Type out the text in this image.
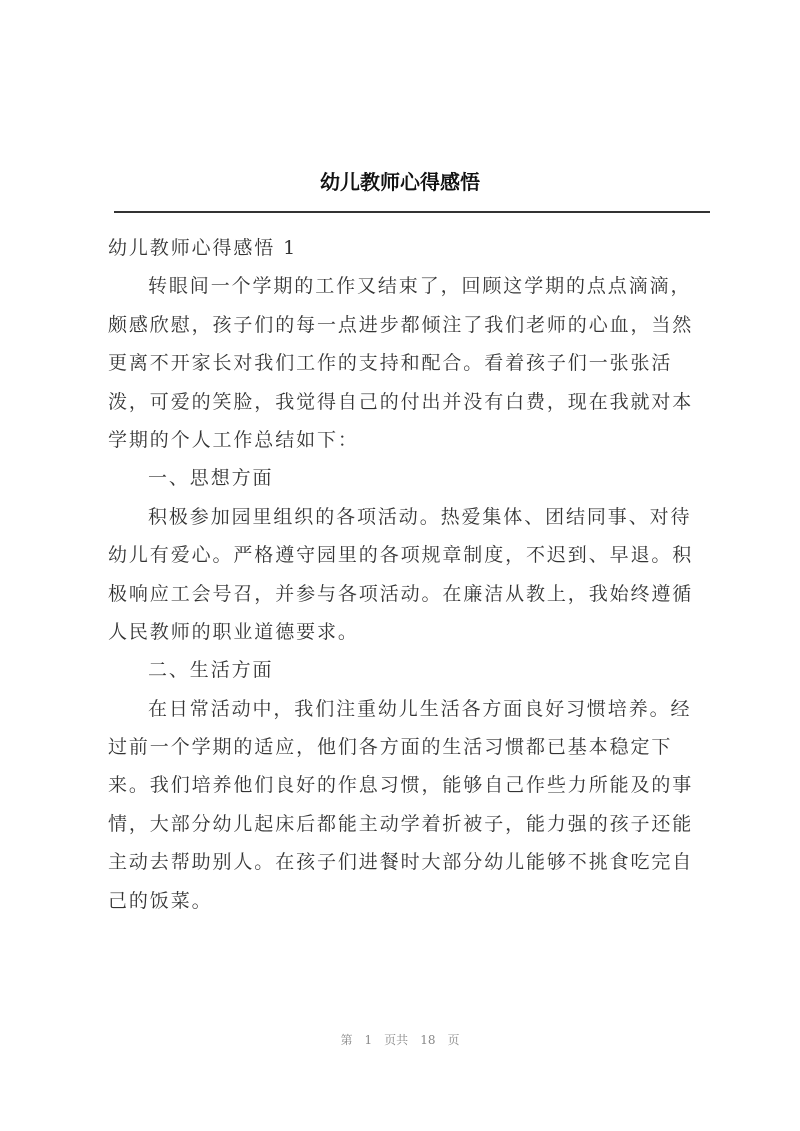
幼儿教师心得感悟
幼儿教师心得感悟 1
转眼间一个学期的工作又结束了，回顾这学期的点点滴滴，
颇感欣慰，孩子们的每一点进步都倾注了我们老师的心血，当然
更离不开家长对我们工作的支持和配合。看着孩子们一张张活
泼，可爱的笑脸，我觉得自己的付出并没有白费，现在我就对本
学期的个人工作总结如下：
一、思想方面
积极参加园里组织的各项活动。热爱集体、团结同事、对待
幼儿有爱心。严格遵守园里的各项规章制度，不迟到、早退。积
极响应工会号召，并参与各项活动。在廉洁从教上，我始终遵循
人民教师的职业道德要求。
二、生活方面
在日常活动中，我们注重幼儿生活各方面良好习惯培养。经
过前一个学期的适应，他们各方面的生活习惯都已基本稳定下
来。我们培养他们良好的作息习惯，能够自己作些力所能及的事
情，大部分幼儿起床后都能主动学着折被子，能力强的孩子还能
主动去帮助别人。在孩子们进餐时大部分幼儿能够不挑食吃完自
己的饭菜。
第 1 页共 18 页
